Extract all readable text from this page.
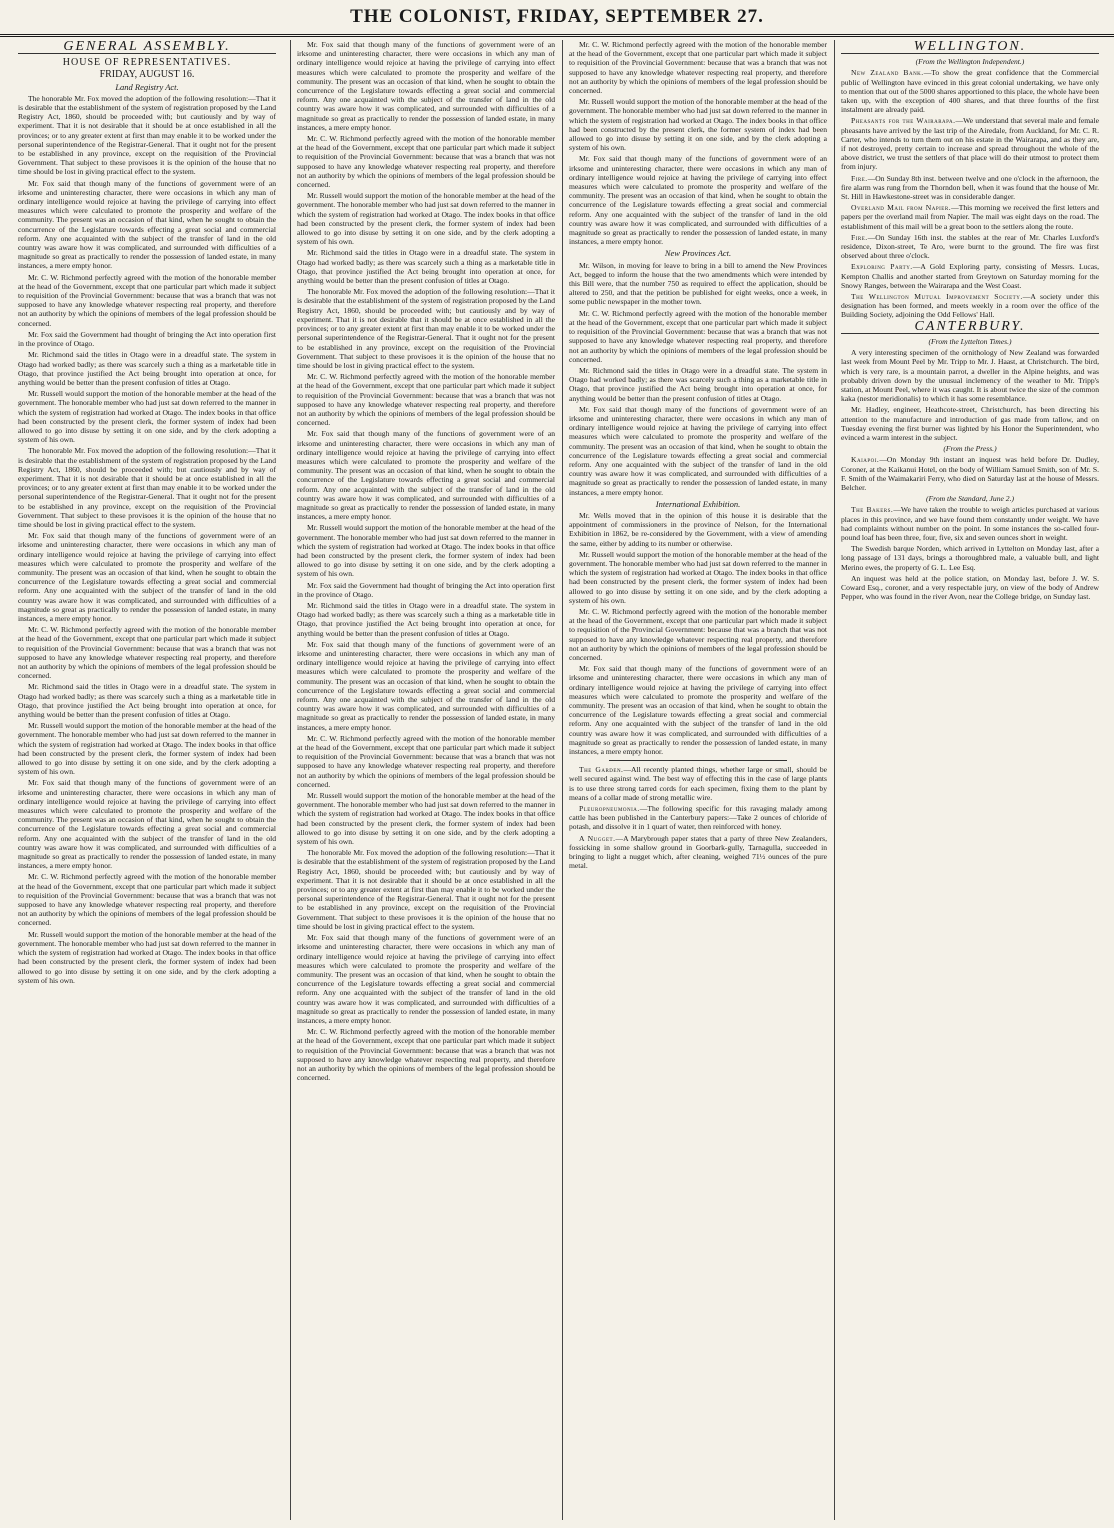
THE COLONIST, FRIDAY, SEPTEMBER 27.
GENERAL ASSEMBLY.
HOUSE OF REPRESENTATIVES.
FRIDAY, AUGUST 16.
Land Registry Act.

The honorable Mr. Fox moved the adoption of the following resolution:—That it is desirable that the establishment of the system of registration proposed by the Land Registry Act, 1860, should be proceeded with; but cautiously and by way of experiment. That it is not desirable that it should be at once established in all the provinces; or to any greater extent at first than may enable it to be worked under the personal superintendence of the Registrar-General. That it ought not for the present to be established in any province, except on the requisition of the Provincial Government. That subject to these provisoes it is the opinion of the house that no time should be lost in giving practical effect to the system.

Mr. Fox said that though many of the functions of government were of an irksome and uninteresting character, there were occasions in which any man of ordinary intelligence would rejoice at having the privilege of carrying into effect measures which were calculated to promote the prosperity and welfare of the community. The present was an occasion of that kind, when he sought to obtain the concurrence of the Legislature towards effecting a great social and commercial reform. Any one acquainted with the subject of the transfer of land in the old country was aware how it was complicated, and surrounded with difficulties of a magnitude so great as practically to render the possession of landed estate, in many instances, a mere empty honor.

Mr. C. W. Richmond perfectly agreed with the motion of the honorable member at the head of the Government, except that one particular part which made it subject to requisition of the Provincial Government: because that was a branch that was not supposed to have any knowledge whatever respecting real property, and therefore not an authority by which the opinions of members of the legal profession should be concerned.

Mr. Fox said the Government had thought of bringing the Act into operation first in the province of Otago.

Mr. Richmond said the titles in Otago were in a dreadful state. The system in Otago had worked badly; as there was scarcely such a thing as a marketable title in Otago, that province justified the Act being brought into operation at once, for anything would be better than the present confusion of titles at Otago.

Mr. Russell would support the motion of the honorable member at the head of the government. The honorable member who had just sat down referred to the manner in which the system of registration had worked at Otago. The index books in that office had been constructed by the present clerk, the former system of index had been allowed to go into disuse by setting it on one side, and by the clerk adopting a system of his own.

The honorable Mr. Fox moved the adoption of the following resolution:—That it is desirable that the establishment of the system of registration proposed by the Land Registry Act, 1860, should be proceeded with; but cautiously and by way of experiment. That it is not desirable that it should be at once established in all the provinces; or to any greater extent at first than may enable it to be worked under the personal superintendence of the Registrar-General. That it ought not for the present to be established in any province, except on the requisition of the Provincial Government. That subject to these provisoes it is the opinion of the house that no time should be lost in giving practical effect to the system.

Mr. Fox said that though many of the functions of government were of an irksome and uninteresting character, there were occasions in which any man of ordinary intelligence would rejoice at having the privilege of carrying into effect measures which were calculated to promote the prosperity and welfare of the community. The present was an occasion of that kind, when he sought to obtain the concurrence of the Legislature towards effecting a great social and commercial reform. Any one acquainted with the subject of the transfer of land in the old country was aware how it was complicated, and surrounded with difficulties of a magnitude so great as practically to render the possession of landed estate, in many instances, a mere empty honor.

Mr. C. W. Richmond perfectly agreed with the motion of the honorable member at the head of the Government, except that one particular part which made it subject to requisition of the Provincial Government: because that was a branch that was not supposed to have any knowledge whatever respecting real property, and therefore not an authority by which the opinions of members of the legal profession should be concerned.

Mr. Richmond said the titles in Otago were in a dreadful state. The system in Otago had worked badly; as there was scarcely such a thing as a marketable title in Otago, that province justified the Act being brought into operation at once, for anything would be better than the present confusion of titles at Otago.

Mr. Russell would support the motion of the honorable member at the head of the government. The honorable member who had just sat down referred to the manner in which the system of registration had worked at Otago. The index books in that office had been constructed by the present clerk, the former system of index had been allowed to go into disuse by setting it on one side, and by the clerk adopting a system of his own.

Mr. Fox said that though many of the functions of government were of an irksome and uninteresting character, there were occasions in which any man of ordinary intelligence would rejoice at having the privilege of carrying into effect measures which were calculated to promote the prosperity and welfare of the community. The present was an occasion of that kind, when he sought to obtain the concurrence of the Legislature towards effecting a great social and commercial reform. Any one acquainted with the subject of the transfer of land in the old country was aware how it was complicated, and surrounded with difficulties of a magnitude so great as practically to render the possession of landed estate, in many instances, a mere empty honor.

Mr. C. W. Richmond perfectly agreed with the motion of the honorable member at the head of the Government, except that one particular part which made it subject to requisition of the Provincial Government: because that was a branch that was not supposed to have any knowledge whatever respecting real property, and therefore not an authority by which the opinions of members of the legal profession should be concerned.

Mr. Russell would support the motion of the honorable member at the head of the government. The honorable member who had just sat down referred to the manner in which the system of registration had worked at Otago. The index books in that office had been constructed by the present clerk, the former system of index had been allowed to go into disuse by setting it on one side, and by the clerk adopting a system of his own.

Mr. Fox said that though many of the functions of government were of an irksome and uninteresting character, there were occasions in which any man of ordinary intelligence would rejoice at having the privilege of carrying into effect measures which were calculated to promote the prosperity and welfare of the community. The present was an occasion of that kind, when he sought to obtain the concurrence of the Legislature towards effecting a great social and commercial reform. Any one acquainted with the subject of the transfer of land in the old country was aware how it was complicated, and surrounded with difficulties of a magnitude so great as practically to render the possession of landed estate, in many instances, a mere empty honor.

Mr. C. W. Richmond perfectly agreed with the motion of the honorable member at the head of the Government, except that one particular part which made it subject to requisition of the Provincial Government: because that was a branch that was not supposed to have any knowledge whatever respecting real property, and therefore not an authority by which the opinions of members of the legal profession should be concerned.

Mr. Russell would support the motion of the honorable member at the head of the government. The honorable member who had just sat down referred to the manner in which the system of registration had worked at Otago. The index books in that office had been constructed by the present clerk, the former system of index had been allowed to go into disuse by setting it on one side, and by the clerk adopting a system of his own.

Mr. Richmond said the titles in Otago were in a dreadful state. The system in Otago had worked badly; as there was scarcely such a thing as a marketable title in Otago, that province justified the Act being brought into operation at once, for anything would be better than the present confusion of titles at Otago.

The honorable Mr. Fox moved the adoption of the following resolution:—That it is desirable that the establishment of the system of registration proposed by the Land Registry Act, 1860, should be proceeded with; but cautiously and by way of experiment. That it is not desirable that it should be at once established in all the provinces; or to any greater extent at first than may enable it to be worked under the personal superintendence of the Registrar-General. That it ought not for the present to be established in any province, except on the requisition of the Provincial Government. That subject to these provisoes it is the opinion of the house that no time should be lost in giving practical effect to the system.

Mr. C. W. Richmond perfectly agreed with the motion of the honorable member at the head of the Government, except that one particular part which made it subject to requisition of the Provincial Government: because that was a branch that was not supposed to have any knowledge whatever respecting real property, and therefore not an authority by which the opinions of members of the legal profession should be concerned.

Mr. Fox said that though many of the functions of government were of an irksome and uninteresting character, there were occasions in which any man of ordinary intelligence would rejoice at having the privilege of carrying into effect measures which were calculated to promote the prosperity and welfare of the community. The present was an occasion of that kind, when he sought to obtain the concurrence of the Legislature towards effecting a great social and commercial reform. Any one acquainted with the subject of the transfer of land in the old country was aware how it was complicated, and surrounded with difficulties of a magnitude so great as practically to render the possession of landed estate, in many instances, a mere empty honor.

Mr. Russell would support the motion of the honorable member at the head of the government. The honorable member who had just sat down referred to the manner in which the system of registration had worked at Otago. The index books in that office had been constructed by the present clerk, the former system of index had been allowed to go into disuse by setting it on one side, and by the clerk adopting a system of his own.

Mr. Fox said the Government had thought of bringing the Act into operation first in the province of Otago.

Mr. Richmond said the titles in Otago were in a dreadful state. The system in Otago had worked badly; as there was scarcely such a thing as a marketable title in Otago, that province justified the Act being brought into operation at once, for anything would be better than the present confusion of titles at Otago.

Mr. Fox said that though many of the functions of government were of an irksome and uninteresting character, there were occasions in which any man of ordinary intelligence would rejoice at having the privilege of carrying into effect measures which were calculated to promote the prosperity and welfare of the community. The present was an occasion of that kind, when he sought to obtain the concurrence of the Legislature towards effecting a great social and commercial reform. Any one acquainted with the subject of the transfer of land in the old country was aware how it was complicated, and surrounded with difficulties of a magnitude so great as practically to render the possession of landed estate, in many instances, a mere empty honor.

Mr. C. W. Richmond perfectly agreed with the motion of the honorable member at the head of the Government, except that one particular part which made it subject to requisition of the Provincial Government: because that was a branch that was not supposed to have any knowledge whatever respecting real property, and therefore not an authority by which the opinions of members of the legal profession should be concerned.

Mr. Russell would support the motion of the honorable member at the head of the government. The honorable member who had just sat down referred to the manner in which the system of registration had worked at Otago. The index books in that office had been constructed by the present clerk, the former system of index had been allowed to go into disuse by setting it on one side, and by the clerk adopting a system of his own.

The honorable Mr. Fox moved the adoption of the following resolution:—That it is desirable that the establishment of the system of registration proposed by the Land Registry Act, 1860, should be proceeded with; but cautiously and by way of experiment. That it is not desirable that it should be at once established in all the provinces; or to any greater extent at first than may enable it to be worked under the personal superintendence of the Registrar-General. That it ought not for the present to be established in any province, except on the requisition of the Provincial Government. That subject to these provisoes it is the opinion of the house that no time should be lost in giving practical effect to the system.

Mr. Fox said that though many of the functions of government were of an irksome and uninteresting character, there were occasions in which any man of ordinary intelligence would rejoice at having the privilege of carrying into effect measures which were calculated to promote the prosperity and welfare of the community. The present was an occasion of that kind, when he sought to obtain the concurrence of the Legislature towards effecting a great social and commercial reform. Any one acquainted with the subject of the transfer of land in the old country was aware how it was complicated, and surrounded with difficulties of a magnitude so great as practically to render the possession of landed estate, in many instances, a mere empty honor.

Mr. C. W. Richmond perfectly agreed with the motion of the honorable member at the head of the Government, except that one particular part which made it subject to requisition of the Provincial Government: because that was a branch that was not supposed to have any knowledge whatever respecting real property, and therefore not an authority by which the opinions of members of the legal profession should be concerned.

Mr. C. W. Richmond perfectly agreed with the motion of the honorable member at the head of the Government, except that one particular part which made it subject to requisition of the Provincial Government: because that was a branch that was not supposed to have any knowledge whatever respecting real property, and therefore not an authority by which the opinions of members of the legal profession should be concerned.

Mr. Russell would support the motion of the honorable member at the head of the government. The honorable member who had just sat down referred to the manner in which the system of registration had worked at Otago. The index books in that office had been constructed by the present clerk, the former system of index had been allowed to go into disuse by setting it on one side, and by the clerk adopting a system of his own.

Mr. Fox said that though many of the functions of government were of an irksome and uninteresting character, there were occasions in which any man of ordinary intelligence would rejoice at having the privilege of carrying into effect measures which were calculated to promote the prosperity and welfare of the community. The present was an occasion of that kind, when he sought to obtain the concurrence of the Legislature towards effecting a great social and commercial reform. Any one acquainted with the subject of the transfer of land in the old country was aware how it was complicated, and surrounded with difficulties of a magnitude so great as practically to render the possession of landed estate, in many instances, a mere empty honor.

New Provinces Act.

Mr. Wilson, in moving for leave to bring in a bill to amend the New Provinces Act, begged to inform the house that the two amendments which were intended by this Bill were, that the number 750 as required to effect the application, should be altered to 250, and that the petition be published for eight weeks, once a week, in some public newspaper in the mother town.

Mr. C. W. Richmond perfectly agreed with the motion of the honorable member at the head of the Government, except that one particular part which made it subject to requisition of the Provincial Government: because that was a branch that was not supposed to have any knowledge whatever respecting real property, and therefore not an authority by which the opinions of members of the legal profession should be concerned.

Mr. Richmond said the titles in Otago were in a dreadful state. The system in Otago had worked badly; as there was scarcely such a thing as a marketable title in Otago, that province justified the Act being brought into operation at once, for anything would be better than the present confusion of titles at Otago.

Mr. Fox said that though many of the functions of government were of an irksome and uninteresting character, there were occasions in which any man of ordinary intelligence would rejoice at having the privilege of carrying into effect measures which were calculated to promote the prosperity and welfare of the community. The present was an occasion of that kind, when he sought to obtain the concurrence of the Legislature towards effecting a great social and commercial reform. Any one acquainted with the subject of the transfer of land in the old country was aware how it was complicated, and surrounded with difficulties of a magnitude so great as practically to render the possession of landed estate, in many instances, a mere empty honor.

International Exhibition.

Mr. Wells moved that in the opinion of this house it is desirable that the appointment of commissioners in the province of Nelson, for the International Exhibition in 1862, be re-considered by the Government, with a view of amending the same, either by adding to its number or otherwise.

Mr. Russell would support the motion of the honorable member at the head of the government. The honorable member who had just sat down referred to the manner in which the system of registration had worked at Otago. The index books in that office had been constructed by the present clerk, the former system of index had been allowed to go into disuse by setting it on one side, and by the clerk adopting a system of his own.

Mr. C. W. Richmond perfectly agreed with the motion of the honorable member at the head of the Government, except that one particular part which made it subject to requisition of the Provincial Government: because that was a branch that was not supposed to have any knowledge whatever respecting real property, and therefore not an authority by which the opinions of members of the legal profession should be concerned.

Mr. Fox said that though many of the functions of government were of an irksome and uninteresting character, there were occasions in which any man of ordinary intelligence would rejoice at having the privilege of carrying into effect measures which were calculated to promote the prosperity and welfare of the community. The present was an occasion of that kind, when he sought to obtain the concurrence of the Legislature towards effecting a great social and commercial reform. Any one acquainted with the subject of the transfer of land in the old country was aware how it was complicated, and surrounded with difficulties of a magnitude so great as practically to render the possession of landed estate, in many instances, a mere empty honor.

The Garden.—All recently planted things, whether large or small, should be well secured against wind. The best way of effecting this in the case of large plants is to use three strong tarred cords for each specimen, fixing them to the plant by means of a collar made of strong metallic wire.

Pleuropneumonia.—The following specific for this ravaging malady among cattle has been published in the Canterbury papers:—Take 2 ounces of chloride of potash, and dissolve it in 1 quart of water, then reinforced with honey.

A Nugget.—A Marybrough paper states that a party of three New Zealanders, fossicking in some shallow ground in Goorbark-gully, Tarnagulla, succeeded in bringing to light a nugget which, after cleaning, weighed 71½ ounces of the pure metal.

WELLINGTON.
(From the Wellington Independent.)

New Zealand Bank.—To show the great confidence that the Commercial public of Wellington have evinced in this great colonial undertaking, we have only to mention that out of the 5000 shares apportioned to this place, the whole have been taken up, with the exception of 400 shares, and that three fourths of the first instalment are already paid.

Pheasants for the Wairarapa.—We understand that several male and female pheasants have arrived by the last trip of the Airedale, from Auckland, for Mr. C. R. Carter, who intends to turn them out on his estate in the Wairarapa, and as they are, if not destroyed, pretty certain to increase and spread throughout the whole of the above district, we trust the settlers of that place will do their utmost to protect them from injury.

Fire.—On Sunday 8th inst. between twelve and one o'clock in the afternoon, the fire alarm was rung from the Thorndon bell, when it was found that the house of Mr. St. Hill in Hawkestone-street was in considerable danger.

Overland Mail from Napier.—This morning we received the first letters and papers per the overland mail from Napier. The mail was eight days on the road. The establishment of this mail will be a great boon to the settlers along the route.

Fire.—On Sunday 16th inst. the stables at the rear of Mr. Charles Luxford's residence, Dixon-street, Te Aro, were burnt to the ground. The fire was first observed about three o'clock.

Exploring Party.—A Gold Exploring party, consisting of Messrs. Lucas, Kempton Challis and another started from Greytown on Saturday morning for the Snowy Ranges, between the Wairarapa and the West Coast.

The Wellington Mutual Improvement Society.—A society under this designation has been formed, and meets weekly in a room over the office of the Building Society, adjoining the Odd Fellows' Hall.

CANTERBURY.
(From the Lyttelton Times.)

A very interesting specimen of the ornithology of New Zealand was forwarded last week from Mount Peel by Mr. Tripp to Mr. J. Haast, at Christchurch. The bird, which is very rare, is a mountain parrot, a dweller in the Alpine heights, and was probably driven down by the unusual inclemency of the weather to Mr. Tripp's station, at Mount Peel, where it was caught. It is about twice the size of the common kaka (nestor meridionalis) to which it has some resemblance.

Mr. Hadley, engineer, Heathcote-street, Christchurch, has been directing his attention to the manufacture and introduction of gas made from tallow, and on Tuesday evening the first burner was lighted by his Honor the Superintendent, who evinced a warm interest in the subject.

(From the Press.)

Kaiapoi.—On Monday 9th instant an inquest was held before Dr. Dudley, Coroner, at the Kaikanui Hotel, on the body of William Samuel Smith, son of Mr. S. F. Smith of the Waimakariri Ferry, who died on Saturday last at the house of Messrs. Belcher.

(From the Standard, June 2.)

The Bakers.—We have taken the trouble to weigh articles purchased at various places in this province, and we have found them constantly under weight. We have had complaints without number on the point. In some instances the so-called four-pound loaf has been three, four, five, six and seven ounces short in weight.

The Swedish barque Norden, which arrived in Lyttelton on Monday last, after a long passage of 131 days, brings a thoroughbred male, a valuable bull, and light Merino ewes, the property of G. L. Lee Esq.

An inquest was held at the police station, on Monday last, before J. W. S. Coward Esq., coroner, and a very respectable jury, on view of the body of Andrew Pepper, who was found in the river Avon, near the College bridge, on Sunday last.
